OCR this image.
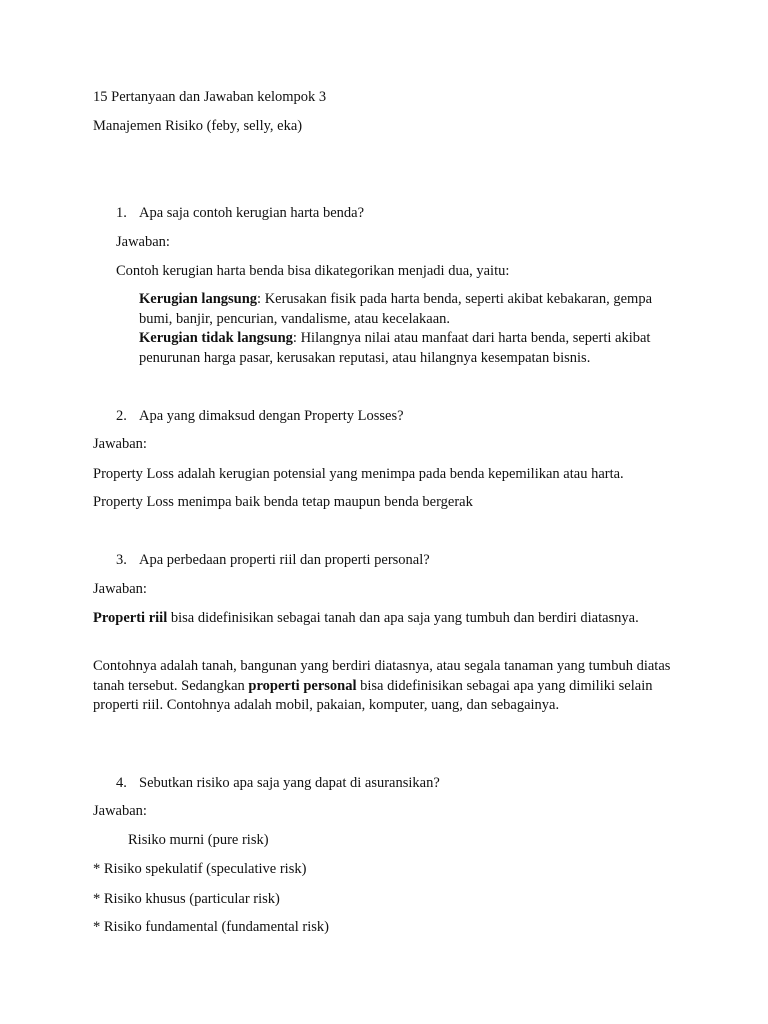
15 Pertanyaan dan Jawaban kelompok 3
Manajemen Risiko (feby, selly, eka)
1. Apa saja contoh kerugian harta benda?
Jawaban:
Contoh kerugian harta benda bisa dikategorikan menjadi dua, yaitu:
Kerugian langsung: Kerusakan fisik pada harta benda, seperti akibat kebakaran, gempa bumi, banjir, pencurian, vandalisme, atau kecelakaan.
Kerugian tidak langsung: Hilangnya nilai atau manfaat dari harta benda, seperti akibat penurunan harga pasar, kerusakan reputasi, atau hilangnya kesempatan bisnis.
2. Apa yang dimaksud dengan Property Losses?
Jawaban:
Property Loss adalah kerugian potensial yang menimpa pada benda kepemilikan atau harta.
Property Loss menimpa baik benda tetap maupun benda bergerak
3. Apa perbedaan properti riil dan properti personal?
Jawaban:
Properti riil bisa didefinisikan sebagai tanah dan apa saja yang tumbuh dan berdiri diatasnya.
Contohnya adalah tanah, bangunan yang berdiri diatasnya, atau segala tanaman yang tumbuh diatas tanah tersebut. Sedangkan properti personal bisa didefinisikan sebagai apa yang dimiliki selain properti riil. Contohnya adalah mobil, pakaian, komputer, uang, dan sebagainya.
4. Sebutkan risiko apa saja yang dapat di asuransikan?
Jawaban:
Risiko murni (pure risk)
* Risiko spekulatif (speculative risk)
* Risiko khusus (particular risk)
* Risiko fundamental (fundamental risk)
